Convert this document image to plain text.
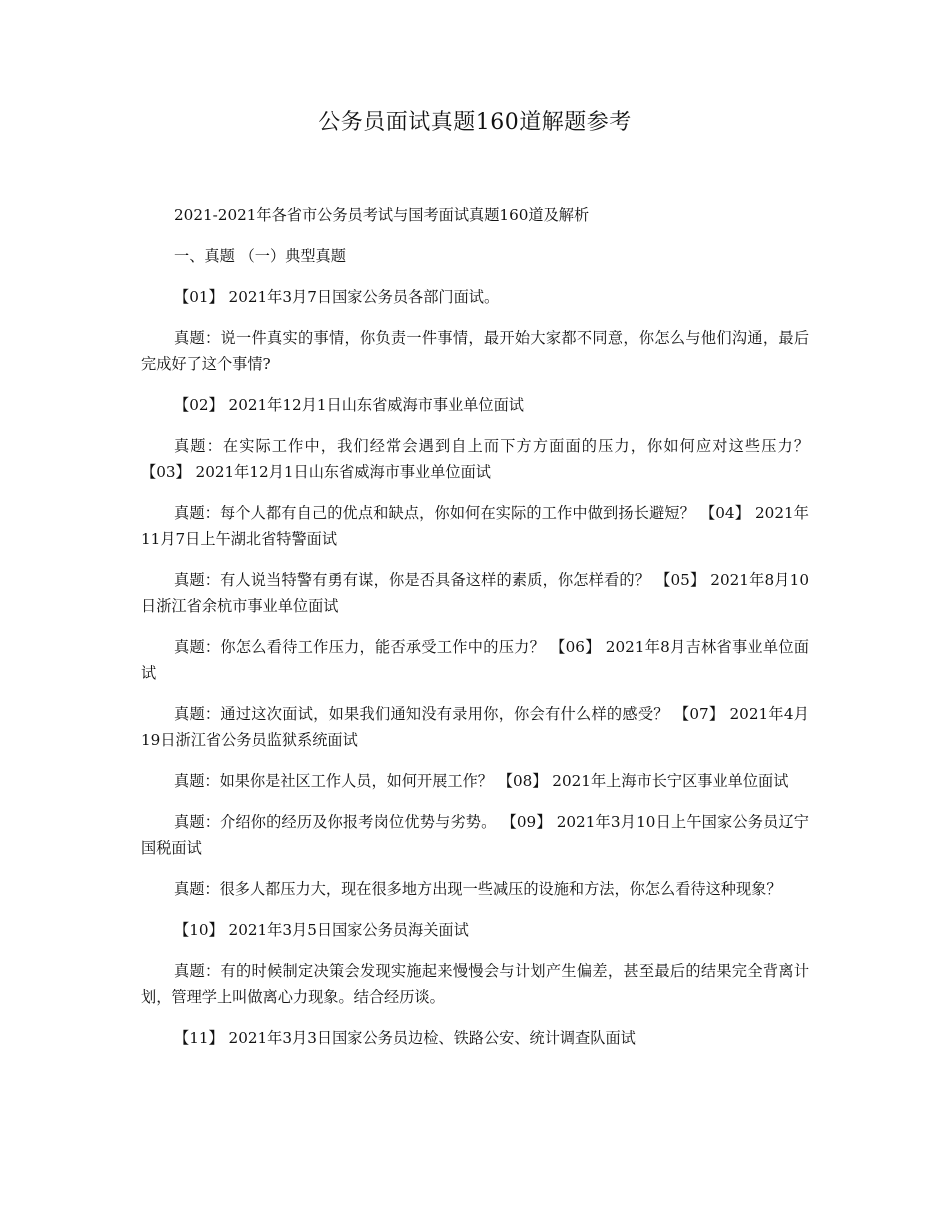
公务员面试真题160道解题参考

2021-2021年各省市公务员考试与国考面试真题160道及解析

一、真题 （一）典型真题

【01】 2021年3月7日国家公务员各部门面试。

真题：说一件真实的事情，你负责一件事情，最开始大家都不同意，你怎么与他们沟通，最后完成好了这个事情?

【02】 2021年12月1日山东省威海市事业单位面试

真题：在实际工作中，我们经常会遇到自上而下方方面面的压力，你如何应对这些压力？ 【03】 2021年12月1日山东省威海市事业单位面试

真题：每个人都有自己的优点和缺点，你如何在实际的工作中做到扬长避短？ 【04】 2021年11月7日上午湖北省特警面试

真题：有人说当特警有勇有谋，你是否具备这样的素质，你怎样看的？ 【05】 2021年8月10日浙江省余杭市事业单位面试

真题：你怎么看待工作压力，能否承受工作中的压力？ 【06】 2021年8月吉林省事业单位面试

真题：通过这次面试，如果我们通知没有录用你，你会有什么样的感受？ 【07】 2021年4月19日浙江省公务员监狱系统面试

真题：如果你是社区工作人员，如何开展工作？ 【08】 2021年上海市长宁区事业单位面试

真题：介绍你的经历及你报考岗位优势与劣势。 【09】 2021年3月10日上午国家公务员辽宁国税面试

真题：很多人都压力大，现在很多地方出现一些减压的设施和方法，你怎么看待这种现象？

【10】 2021年3月5日国家公务员海关面试

真题：有的时候制定决策会发现实施起来慢慢会与计划产生偏差，甚至最后的结果完全背离计划，管理学上叫做离心力现象。结合经历谈。

【11】 2021年3月3日国家公务员边检、铁路公安、统计调查队面试
